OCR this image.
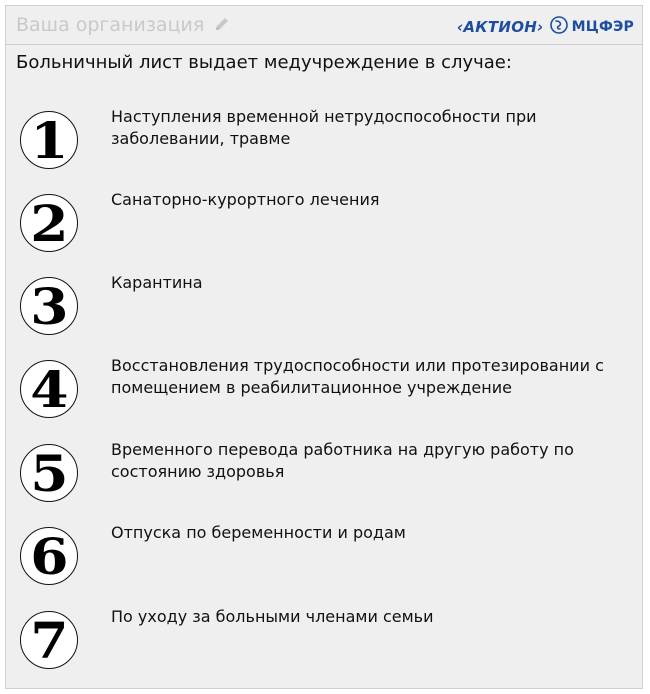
Ваша организация	‹АКТИОН› МЦФЭР
Больничный лист выдает медучреждение в случае:
1	Наступления временной нетрудоспособности при заболевании, травме
2	Санаторно-курортного лечения
3	Карантина
4	Восстановления трудоспособности или протезировании с помещением в реабилитационное учреждение
5	Временного перевода работника на другую работу по состоянию здоровья
6	Отпуска по беременности и родам
7	По уходу за больными членами семьи
